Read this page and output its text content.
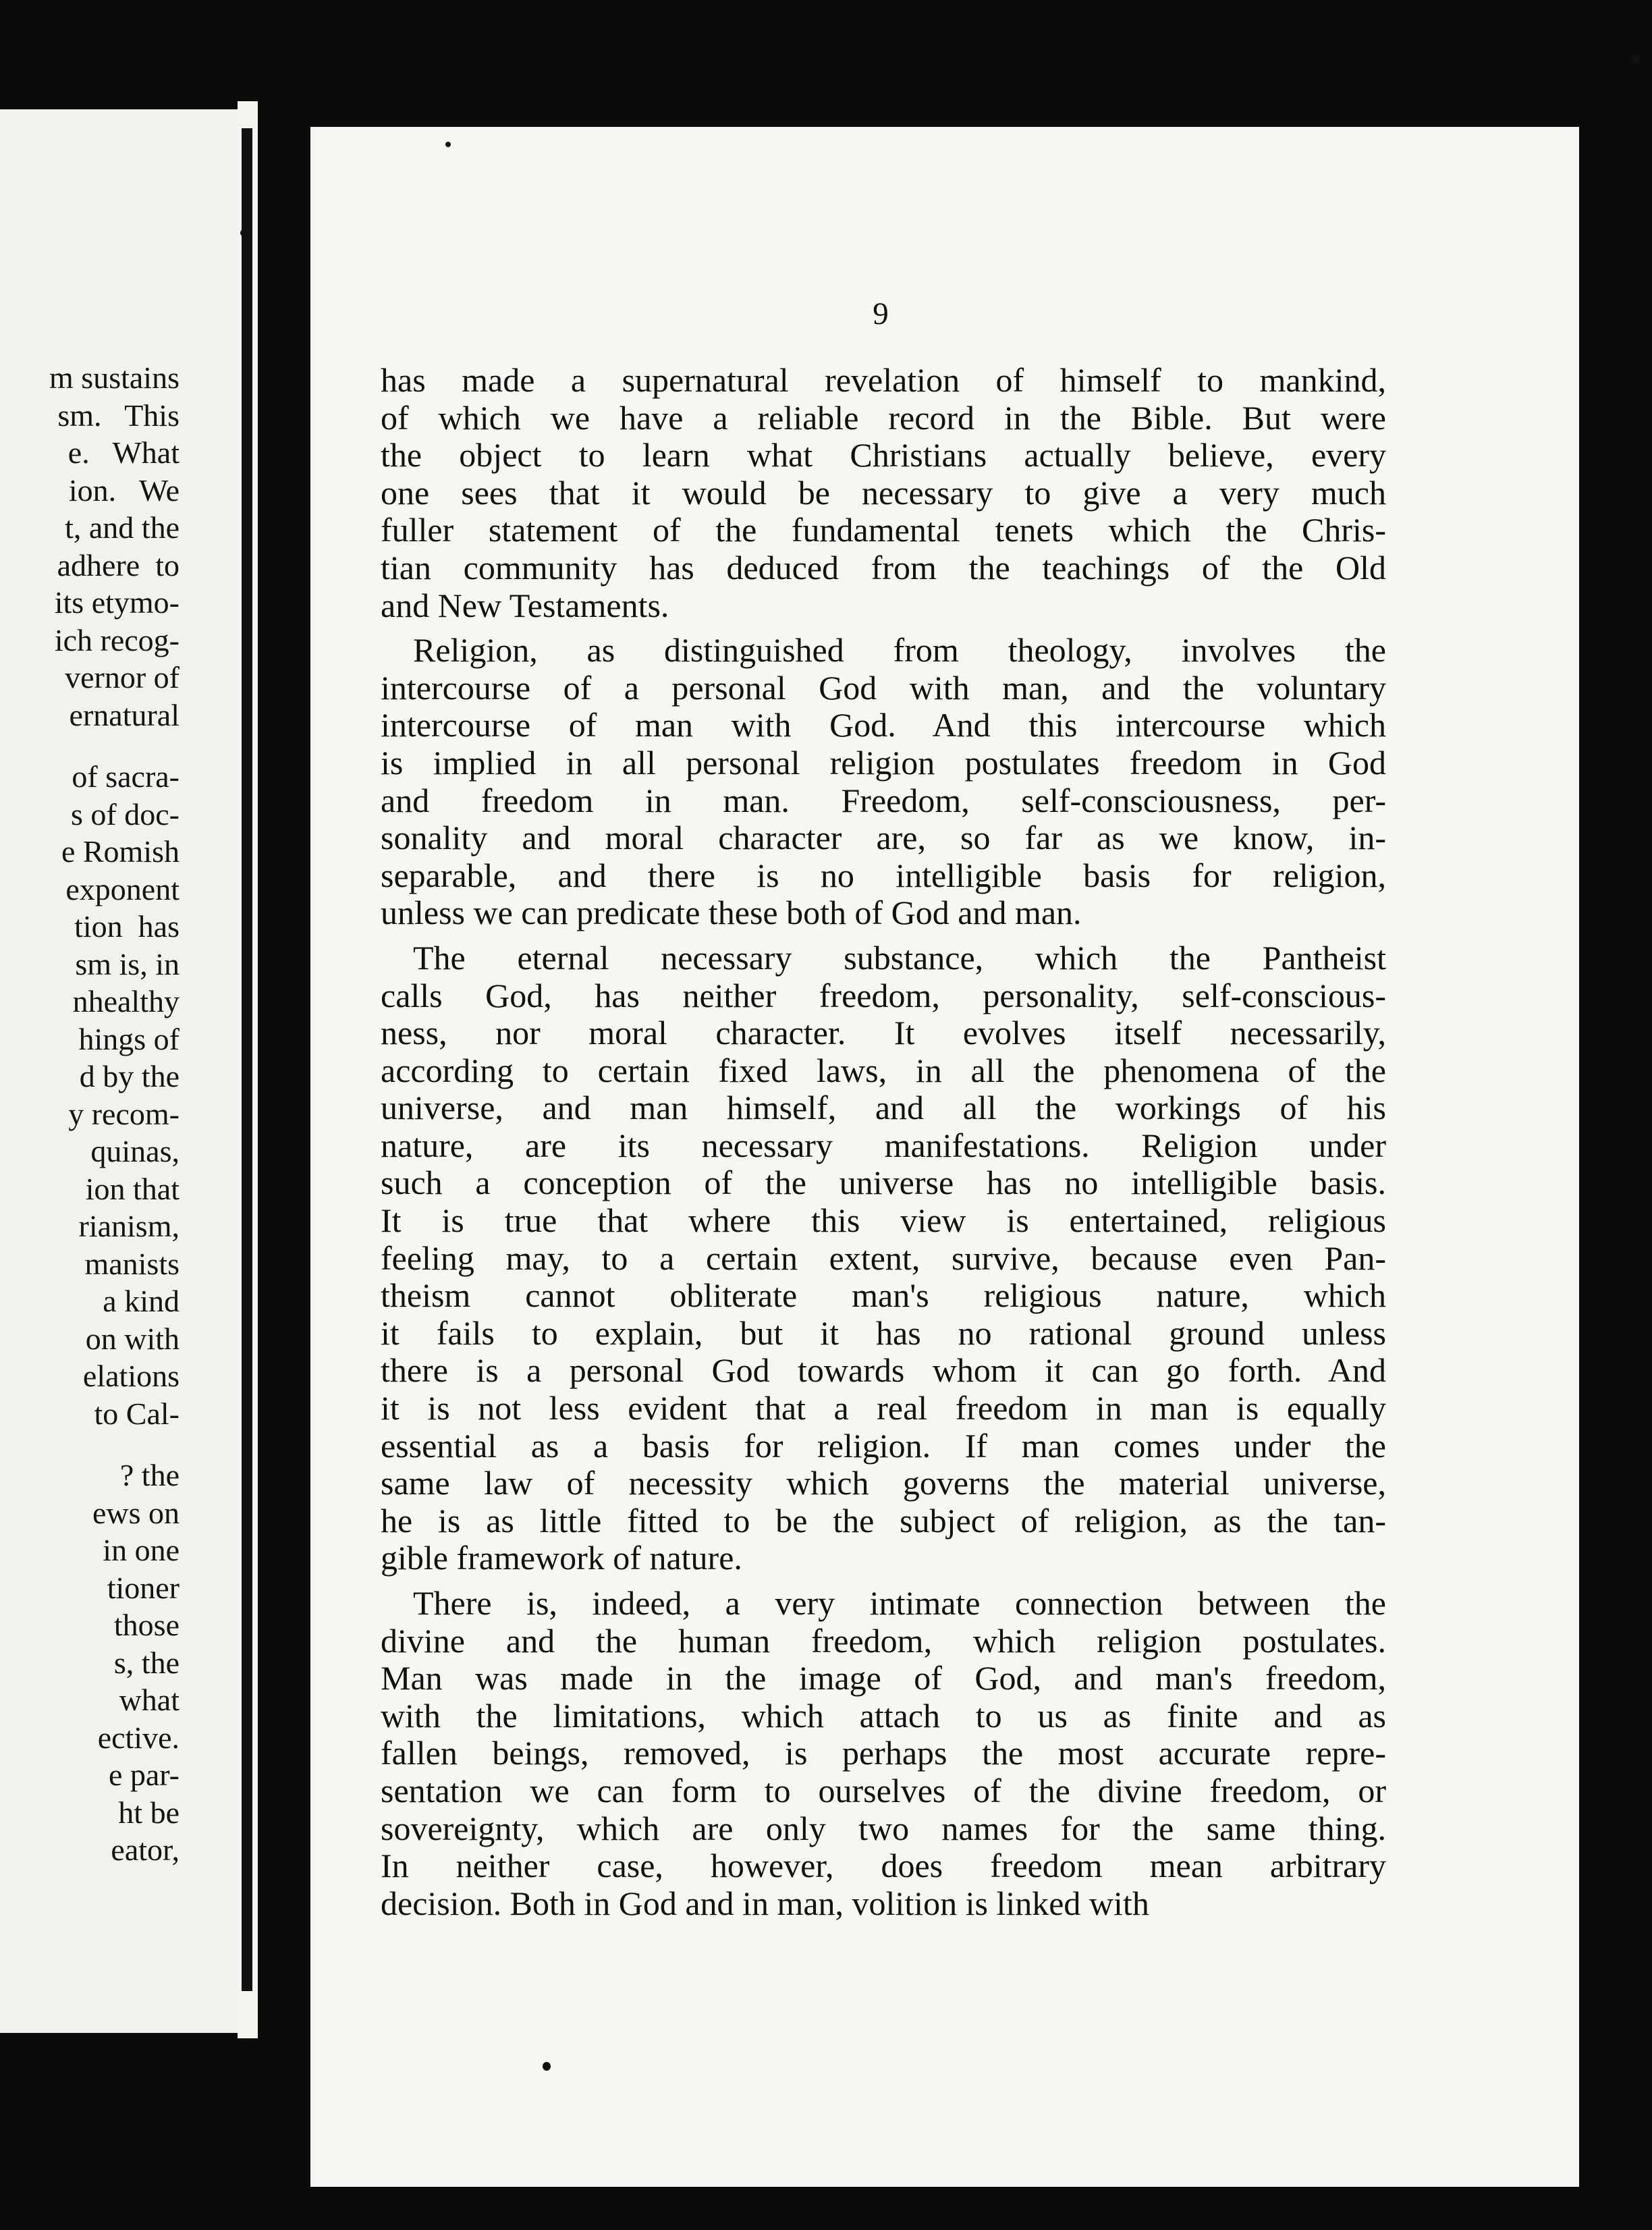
m sustains
sm.   This
e.   What
ion.   We
t, and the
adhere  to
its etymo-
ich recog-
vernor of
ernatural
of sacra-
s of doc-
e Romish
exponent
tion  has
sm is, in
nhealthy
hings of
d by the
y recom-
quinas,
ion that
rianism,
manists
a kind
on with
elations
to Cal-
? the
ews on
in one
tioner
those
s, the
what
ective.
e par-
ht be
eator,
9
has made a supernatural revelation of himself to mankind,
of which we have a reliable record in the Bible. But were
the object to learn what Christians actually believe, every
one sees that it would be necessary to give a very much
fuller statement of the fundamental tenets which the Chris-
tian community has deduced from the teachings of the Old
and New Testaments.
Religion, as distinguished from theology, involves the
intercourse of a personal God with man, and the voluntary
intercourse of man with God. And this intercourse which
is implied in all personal religion postulates freedom in God
and freedom in man. Freedom, self-consciousness, per-
sonality and moral character are, so far as we know, in-
separable, and there is no intelligible basis for religion,
unless we can predicate these both of God and man.
The eternal necessary substance, which the Pantheist
calls God, has neither freedom, personality, self-conscious-
ness, nor moral character. It evolves itself necessarily,
according to certain fixed laws, in all the phenomena of the
universe, and man himself, and all the workings of his
nature, are its necessary manifestations. Religion under
such a conception of the universe has no intelligible basis.
It is true that where this view is entertained, religious
feeling may, to a certain extent, survive, because even Pan-
theism cannot obliterate man's religious nature, which
it fails to explain, but it has no rational ground unless
there is a personal God towards whom it can go forth. And
it is not less evident that a real freedom in man is equally
essential as a basis for religion. If man comes under the
same law of necessity which governs the material universe,
he is as little fitted to be the subject of religion, as the tan-
gible framework of nature.
There is, indeed, a very intimate connection between the
divine and the human freedom, which religion postulates.
Man was made in the image of God, and man's freedom,
with the limitations, which attach to us as finite and as
fallen beings, removed, is perhaps the most accurate repre-
sentation we can form to ourselves of the divine freedom, or
sovereignty, which are only two names for the same thing.
In neither case, however, does freedom mean arbitrary
decision. Both in God and in man, volition is linked with
